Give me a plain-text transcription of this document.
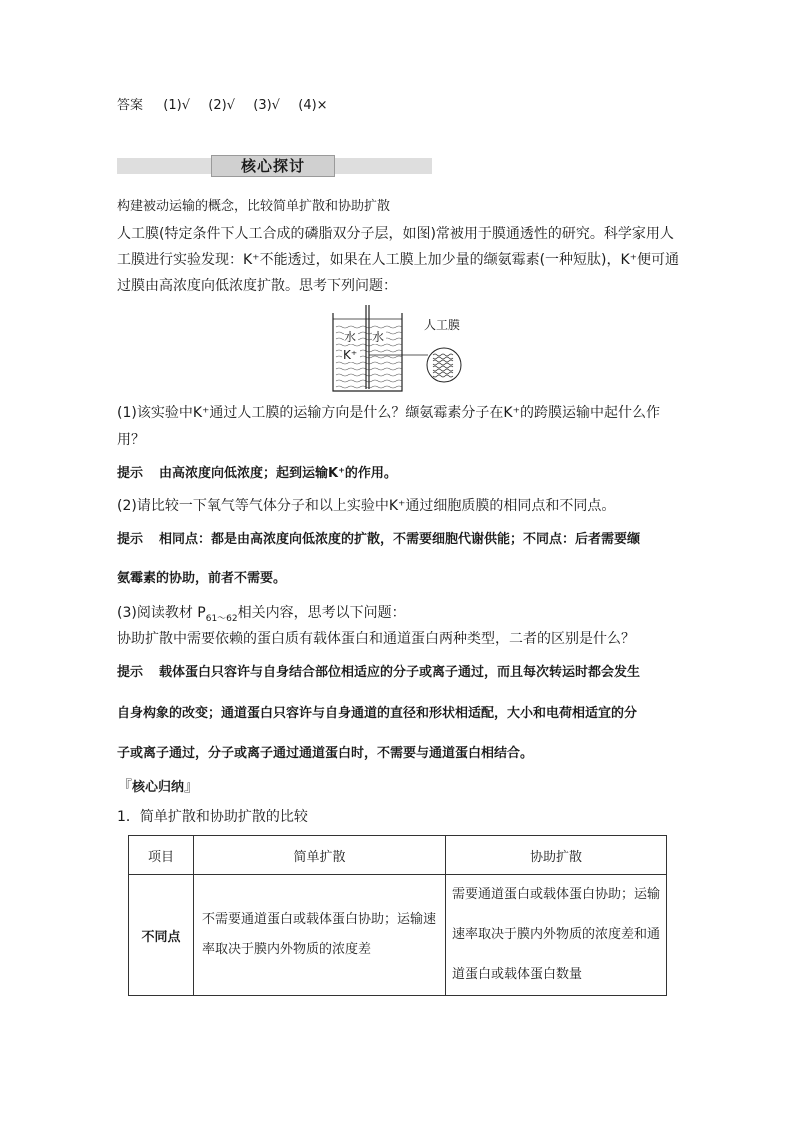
答案 (1)√ (2)√ (3)√ (4)×
核心探讨
构建被动运输的概念，比较简单扩散和协助扩散
人工膜(特定条件下人工合成的磷脂双分子层，如图)常被用于膜通透性的研究。科学家用人
工膜进行实验发现：K⁺不能透过，如果在人工膜上加少量的缬氨霉素(一种短肽)，K⁺便可通
过膜由高浓度向低浓度扩散。思考下列问题：
水
水
K⁺
人工膜
(1)该实验中K⁺通过人工膜的运输方向是什么？缬氨霉素分子在K⁺的跨膜运输中起什么作
用？
提示 由高浓度向低浓度；起到运输K⁺的作用。
(2)请比较一下氧气等气体分子和以上实验中K⁺通过细胞质膜的相同点和不同点。
提示 相同点：都是由高浓度向低浓度的扩散，不需要细胞代谢供能；不同点：后者需要缬
氨霉素的协助，前者不需要。
(3)阅读教材 $P_{61\sim 62}$相关内容，思考以下问题：
协助扩散中需要依赖的蛋白质有载体蛋白和通道蛋白两种类型，二者的区别是什么？
提示 载体蛋白只容许与自身结合部位相适应的分子或离子通过，而且每次转运时都会发生
自身构象的改变；通道蛋白只容许与自身通道的直径和形状相适配，大小和电荷相适宜的分
子或离子通过，分子或离子通过通道蛋白时，不需要与通道蛋白相结合。
『核心归纳』
1．简单扩散和协助扩散的比较
项目	简单扩散	协助扩散
不同点	不需要通道蛋白或载体蛋白协助；运输速率取决于膜内外物质的浓度差	需要通道蛋白或载体蛋白协助；运输速率取决于膜内外物质的浓度差和通道蛋白或载体蛋白数量
